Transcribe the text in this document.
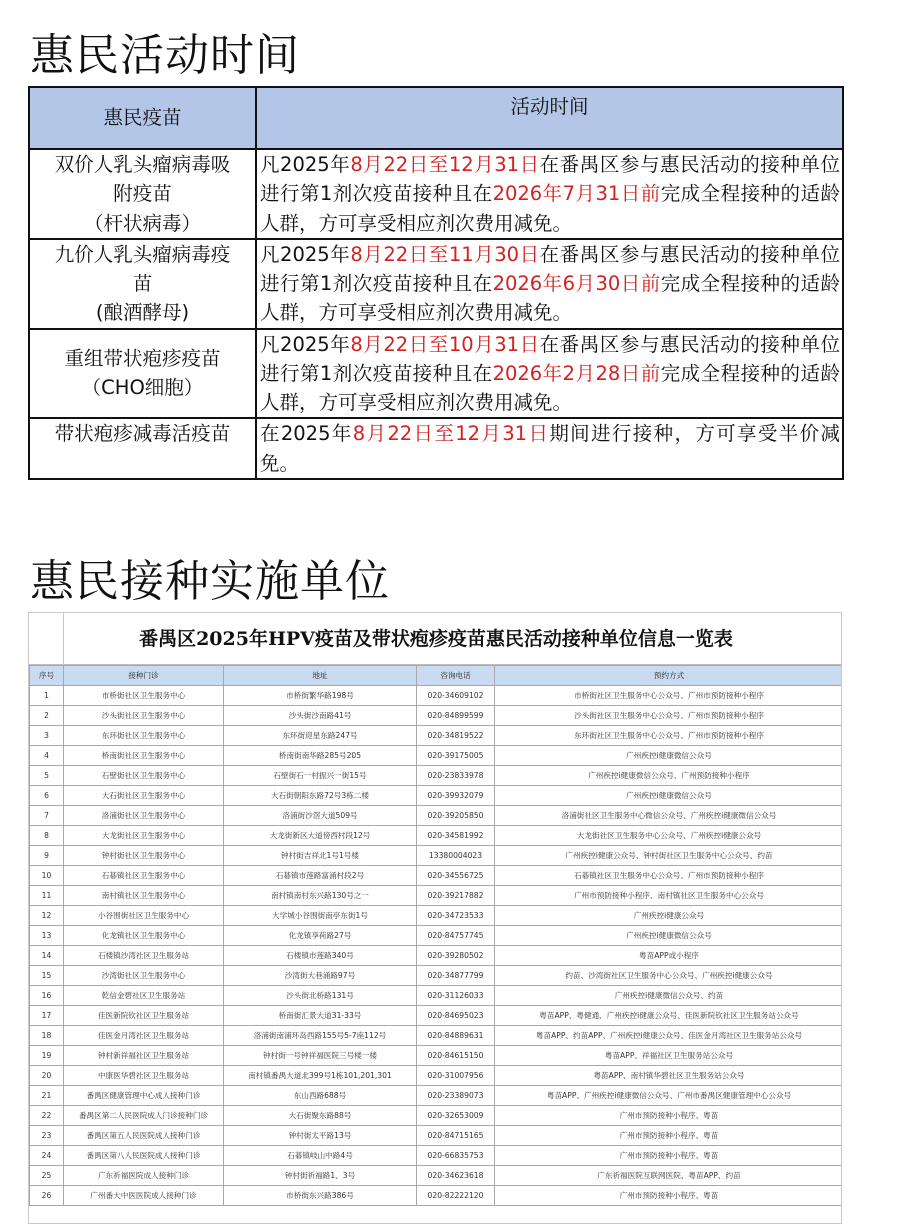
惠民活动时间
惠民疫苗	活动时间

双价人乳头瘤病毒吸
附疫苗
（杆状病毒）	凡2025年8月22日至12月31日在番禺区参与惠民活动的接种单位进行第1剂次疫苗接种且在2026年7月31日前完成全程接种的适龄人群，方可享受相应剂次费用减免。

九价人乳头瘤病毒疫
苗
(酿酒酵母)	凡2025年8月22日至11月30日在番禺区参与惠民活动的接种单位进行第1剂次疫苗接种且在2026年6月30日前完成全程接种的适龄人群，方可享受相应剂次费用减免。

重组带状疱疹疫苗
（CHO细胞）	凡2025年8月22日至10月31日在番禺区参与惠民活动的接种单位进行第1剂次疫苗接种且在2026年2月28日前完成全程接种的适龄人群，方可享受相应剂次费用减免。

带状疱疹减毒活疫苗	在2025年8月22日至12月31日期间进行接种，方可享受半价减免。
惠民接种实施单位
番禺区2025年HPV疫苗及带状疱疹疫苗惠民活动接种单位信息一览表
序号	接种门诊	地址	咨询电话	预约方式
1	市桥街社区卫生服务中心	市桥街繁华路198号	020-34609102	市桥街社区卫生服务中心公众号、广州市预防接种小程序
2	沙头街社区卫生服务中心	沙头街沙南路41号	020-84899599	沙头街社区卫生服务中心公众号、广州市预防接种小程序
3	东环街社区卫生服务中心	东环街迎星东路247号	020-34819522	东环街社区卫生服务中心公众号、广州市预防接种小程序
4	桥南街社区卫生服务中心	桥南街南华路285号205	020-39175005	广州疾控i健康微信公众号
5	石壁街社区卫生服务中心	石壁街石一村振兴一街15号	020-23833978	广州疾控i健康微信公众号、广州预防接种小程序
6	大石街社区卫生服务中心	大石街朝阳东路72号3栋二楼	020-39932079	广州疾控i健康微信公众号
7	洛浦街社区卫生服务中心	洛浦街沙滘大道509号	020-39205850	洛浦街社区卫生服务中心微信公众号、广州疾控i健康微信公众号
8	大龙街社区卫生服务中心	大龙街新区大道傍西村段12号	020-34581992	大龙街社区卫生服务中心公众号、广州疾控i健康公众号
9	钟村街社区卫生服务中心	钟村街吉祥北1号1号楼	13380004023	广州疾控i健康公众号、钟村街社区卫生服务中心公众号、约苗
10	石碁镇社区卫生服务中心	石碁镇市莲路富涌村段2号	020-34556725	石碁镇社区卫生服务中心公众号、广州市预防接种小程序
11	南村镇社区卫生服务中心	南村镇南村东兴路130号之一	020-39217882	广州市预防接种小程序、南村镇社区卫生服务中心公众号
12	小谷围街社区卫生服务中心	大学城小谷围街南亭东街1号	020-34723533	广州疾控i健康公众号
13	化龙镇社区卫生服务中心	化龙镇享荷路27号	020-84757745	广州疾控i健康微信公众号
14	石楼镇沙湾社区卫生服务站	石楼镇市莲路340号	020-39280502	粤苗APP或小程序
15	沙湾街社区卫生服务中心	沙湾街大巷涌路97号	020-34877799	约苗、沙湾街社区卫生服务中心公众号、广州疾控i健康公众号
16	乾信金碧社区卫生服务站	沙头街北桥路131号	020-31126033	广州疾控i健康微信公众号、约苗
17	佳医新院钦社区卫生服务站	桥南街汇景大道31-33号	020-84695023	粤苗APP、粤健通、广州疾控i健康公众号、佳医新院钦社区卫生服务站公众号
18	佳医金月湾社区卫生服务站	洛浦街南浦环岛西路155号5-7座112号	020-84889631	粤苗APP、约苗APP、广州疾控i健康公众号、佳医金月湾社区卫生服务站公众号
19	钟村新祥福社区卫生服务站	钟村街一号钟祥福医院三号楼一楼	020-84615150	粤苗APP、祥福社区卫生服务站公众号
20	中康医华碧社区卫生服务站	南村镇番禺大道北399号1栋101,201,301	020-31007956	粤苗APP、南村镇华碧社区卫生服务站公众号
21	番禺区健康管理中心成人接种门诊	东山西路688号	020-23389073	粤苗APP、广州疾控i健康微信公众号、广州市番禺区健康管理中心公众号
22	番禺区第二人民医院成人门诊接种门诊	大石街聚东路88号	020-32653009	广州市预防接种小程序、粤苗
23	番禺区第五人民医院成人接种门诊	钟村街太平路13号	020-84715165	广州市预防接种小程序、粤苗
24	番禺区第八人民医院成人接种门诊	石碁镇岐山中路4号	020-66835753	广州市预防接种小程序、粤苗
25	广东祈福医院成人接种门诊	钟村街祈福路1、3号	020-34623618	广东祈福医院互联网医院、粤苗APP、约苗
26	广州番大中医医院成人接种门诊	市桥街东兴路386号	020-82222120	广州市预防接种小程序、粤苗
